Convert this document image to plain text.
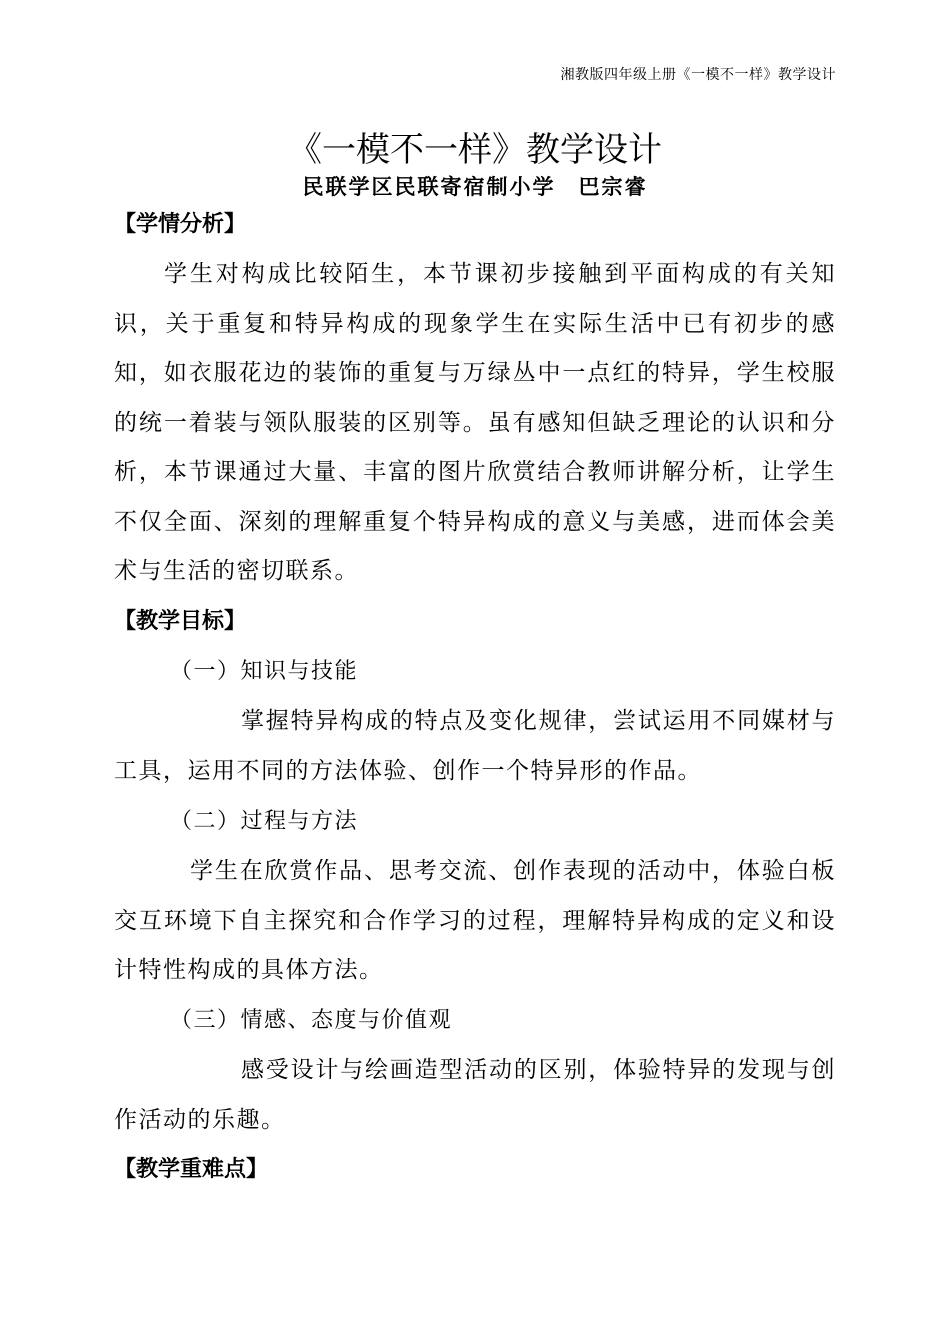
湘教版四年级上册《一模不一样》教学设计
《一模不一样》教学设计
民联学区民联寄宿制小学　巴宗睿
【学情分析】
学生对构成比较陌生，本节课初步接触到平面构成的有关知识，关于重复和特异构成的现象学生在实际生活中已有初步的感知，如衣服花边的装饰的重复与万绿丛中一点红的特异，学生校服的统一着装与领队服装的区别等。虽有感知但缺乏理论的认识和分析，本节课通过大量、丰富的图片欣赏结合教师讲解分析，让学生不仅全面、深刻的理解重复个特异构成的意义与美感，进而体会美术与生活的密切联系。
【教学目标】
（一）知识与技能
掌握特异构成的特点及变化规律，尝试运用不同媒材与工具，运用不同的方法体验、创作一个特异形的作品。
（二）过程与方法
学生在欣赏作品、思考交流、创作表现的活动中，体验白板交互环境下自主探究和合作学习的过程，理解特异构成的定义和设计特性构成的具体方法。
（三）情感、态度与价值观
感受设计与绘画造型活动的区别，体验特异的发现与创作活动的乐趣。
【教学重难点】
